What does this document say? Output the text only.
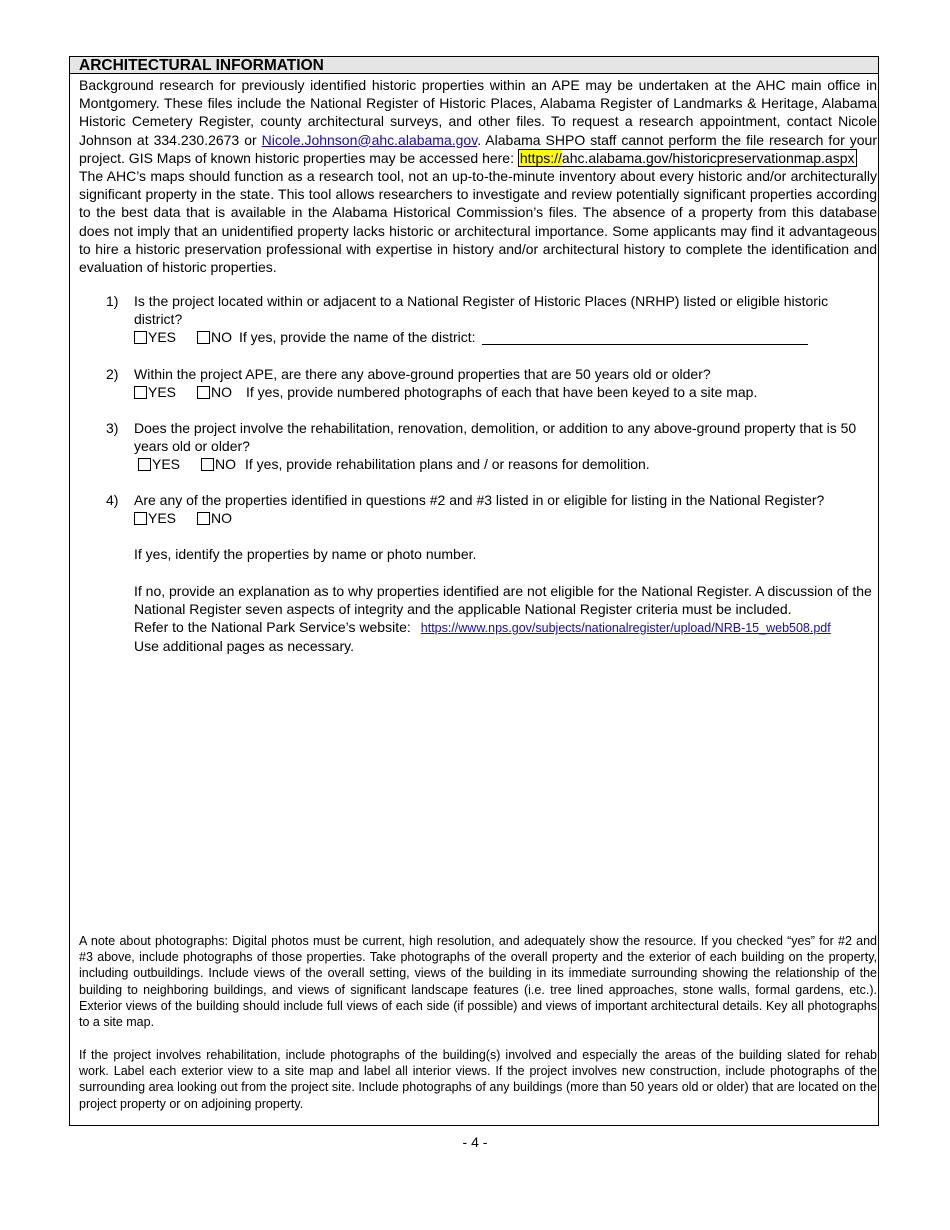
ARCHITECTURAL INFORMATION

Background research for previously identified historic properties within an APE may be undertaken at the AHC main office in Montgomery. These files include the National Register of Historic Places, Alabama Register of Landmarks & Heritage, Alabama Historic Cemetery Register, county architectural surveys, and other files. To request a research appointment, contact Nicole Johnson at 334.230.2673 or Nicole.Johnson@ahc.alabama.gov. Alabama SHPO staff cannot perform the file research for your project. GIS Maps of known historic properties may be accessed here: https://ahc.alabama.gov/historicpreservationmap.aspx
The AHC’s maps should function as a research tool, not an up-to-the-minute inventory about every historic and/or architecturally significant property in the state. This tool allows researchers to investigate and review potentially significant properties according to the best data that is available in the Alabama Historical Commission’s files. The absence of a property from this database does not imply that an unidentified property lacks historic or architectural importance. Some applicants may find it advantageous to hire a historic preservation professional with expertise in history and/or architectural history to complete the identification and evaluation of historic properties.

1)	Is the project located within or adjacent to a National Register of Historic Places (NRHP) listed or eligible historic district?
YES	NO If yes, provide the name of the district:
2)	Within the project APE, are there any above-ground properties that are 50 years old or older?
YES	NO If yes, provide numbered photographs of each that have been keyed to a site map.
3)	Does the project involve the rehabilitation, renovation, demolition, or addition to any above-ground property that is 50 years old or older?
YES	NO If yes, provide rehabilitation plans and / or reasons for demolition.
4)	Are any of the properties identified in questions #2 and #3 listed in or eligible for listing in the National Register?
YES	NO
If yes, identify the properties by name or photo number.
If no, provide an explanation as to why properties identified are not eligible for the National Register. A discussion of the National Register seven aspects of integrity and the applicable National Register criteria must be included.
Refer to the National Park Service’s website: https://www.nps.gov/subjects/nationalregister/upload/NRB-15_web508.pdf
Use additional pages as necessary.

A note about photographs: Digital photos must be current, high resolution, and adequately show the resource. If you checked “yes” for #2 and #3 above, include photographs of those properties. Take photographs of the overall property and the exterior of each building on the property, including outbuildings. Include views of the overall setting, views of the building in its immediate surrounding showing the relationship of the building to neighboring buildings, and views of significant landscape features (i.e. tree lined approaches, stone walls, formal gardens, etc.). Exterior views of the building should include full views of each side (if possible) and views of important architectural details. Key all photographs to a site map.

If the project involves rehabilitation, include photographs of the building(s) involved and especially the areas of the building slated for rehab work. Label each exterior view to a site map and label all interior views. If the project involves new construction, include photographs of the surrounding area looking out from the project site. Include photographs of any buildings (more than 50 years old or older) that are located on the project property or on adjoining property.

- 4 -
